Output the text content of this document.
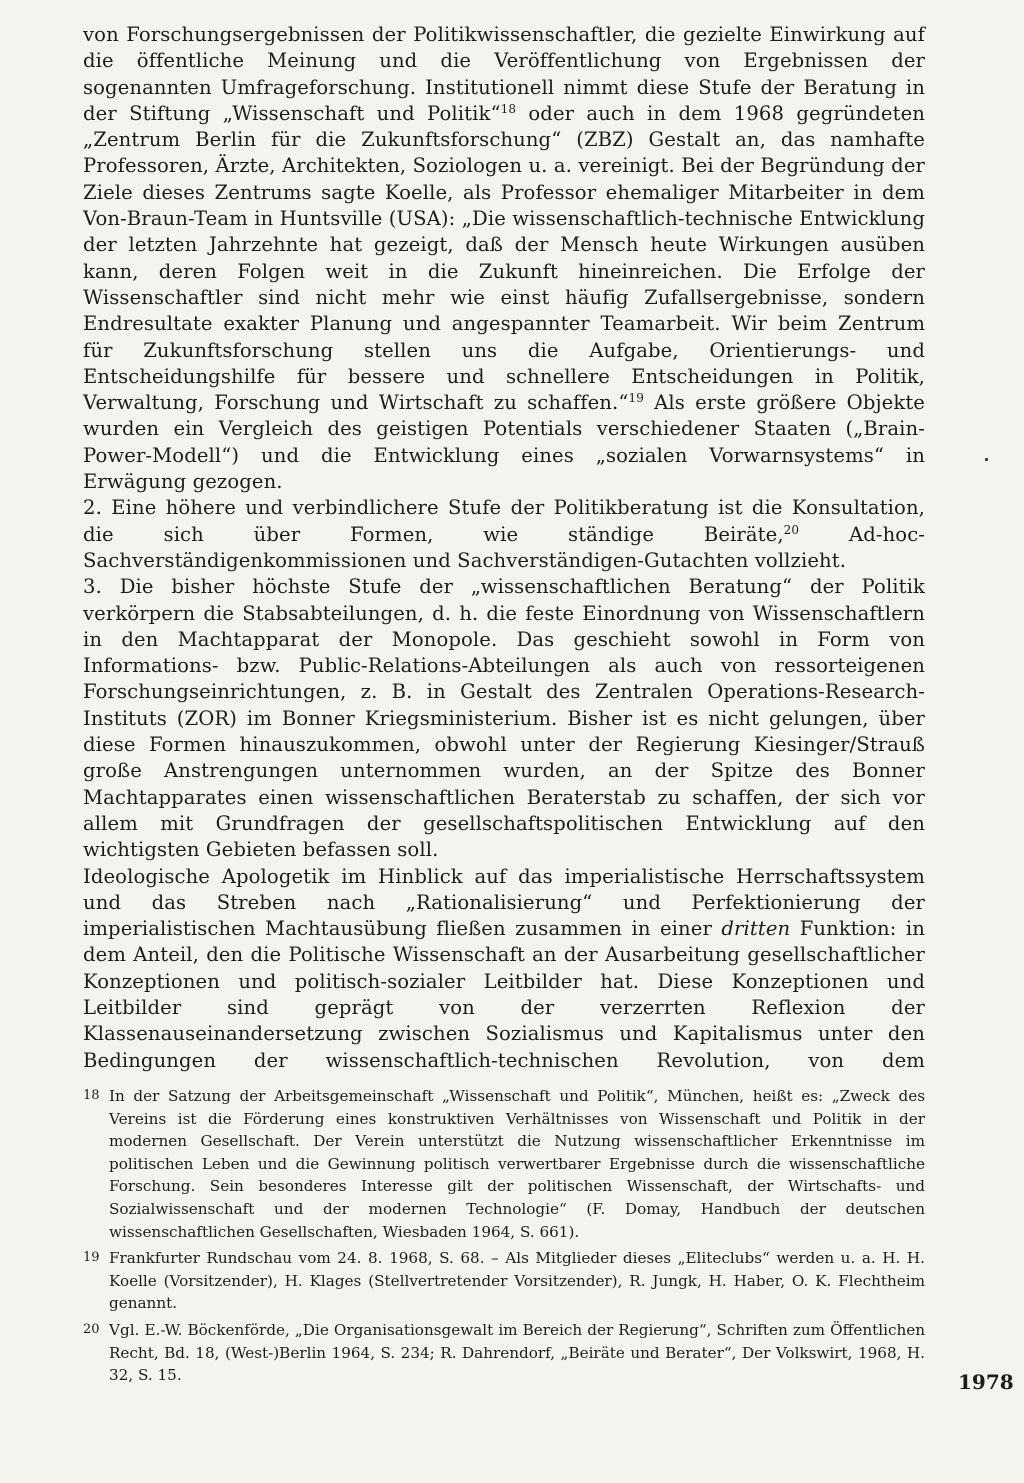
von Forschungsergebnissen der Politikwissenschaftler, die gezielte Einwirkung auf die öffentliche Meinung und die Veröffentlichung von Ergebnissen der sogenannten Umfrageforschung. Institutionell nimmt diese Stufe der Beratung in der Stiftung „Wissenschaft und Politik“$^{18}$ oder auch in dem 1968 gegründeten „Zentrum Berlin für die Zukunftsforschung“ (ZBZ) Gestalt an, das namhafte Professoren, Ärzte, Architekten, Soziologen u. a. vereinigt. Bei der Begründung der Ziele dieses Zentrums sagte Koelle, als Professor ehemaliger Mitarbeiter in dem Von-Braun-Team in Huntsville (USA): „Die wissenschaftlich-technische Entwicklung der letzten Jahrzehnte hat gezeigt, daß der Mensch heute Wirkungen ausüben kann, deren Folgen weit in die Zukunft hineinreichen. Die Erfolge der Wissenschaftler sind nicht mehr wie einst häufig Zufallsergebnisse, sondern Endresultate exakter Planung und angespannter Teamarbeit. Wir beim Zentrum für Zukunftsforschung stellen uns die Aufgabe, Orientierungs- und Entscheidungshilfe für bessere und schnellere Entscheidungen in Politik, Verwaltung, Forschung und Wirtschaft zu schaffen.“$^{19}$ Als erste größere Objekte wurden ein Vergleich des geistigen Potentials verschiedener Staaten („Brain-Power-Modell“) und die Entwicklung eines „sozialen Vorwarnsystems“ in Erwägung gezogen.

2. Eine höhere und verbindlichere Stufe der Politikberatung ist die Konsultation, die sich über Formen, wie ständige Beiräte,$^{20}$ Ad-hoc-Sachverständigenkommissionen und Sachverständigen-Gutachten vollzieht.

3. Die bisher höchste Stufe der „wissenschaftlichen Beratung“ der Politik verkörpern die Stabsabteilungen, d. h. die feste Einordnung von Wissenschaftlern in den Machtapparat der Monopole. Das geschieht sowohl in Form von Informations- bzw. Public-Relations-Abteilungen als auch von ressorteigenen Forschungseinrichtungen, z. B. in Gestalt des Zentralen Operations-Research-Instituts (ZOR) im Bonner Kriegsministerium. Bisher ist es nicht gelungen, über diese Formen hinauszukommen, obwohl unter der Regierung Kiesinger/Strauß große Anstrengungen unternommen wurden, an der Spitze des Bonner Machtapparates einen wissenschaftlichen Beraterstab zu schaffen, der sich vor allem mit Grundfragen der gesellschaftspolitischen Entwicklung auf den wichtigsten Gebieten befassen soll.

Ideologische Apologetik im Hinblick auf das imperialistische Herrschaftssystem und das Streben nach „Rationalisierung“ und Perfektionierung der imperialistischen Machtausübung fließen zusammen in einer dritten Funktion: in dem Anteil, den die Politische Wissenschaft an der Ausarbeitung gesellschaftlicher Konzeptionen und politisch-sozialer Leitbilder hat. Diese Konzeptionen und Leitbilder sind geprägt von der verzerrten Reflexion der Klassenauseinandersetzung zwischen Sozialismus und Kapitalismus unter den Bedingungen der wissenschaftlich-technischen Revolution, von dem

18 In der Satzung der Arbeitsgemeinschaft „Wissenschaft und Politik“, München, heißt es: „Zweck des Vereins ist die Förderung eines konstruktiven Verhältnisses von Wissenschaft und Politik in der modernen Gesellschaft. Der Verein unterstützt die Nutzung wissenschaftlicher Erkenntnisse im politischen Leben und die Gewinnung politisch verwertbarer Ergebnisse durch die wissenschaftliche Forschung. Sein besonderes Interesse gilt der politischen Wissenschaft, der Wirtschafts- und Sozialwissenschaft und der modernen Technologie“ (F. Domay, Handbuch der deutschen wissenschaftlichen Gesellschaften, Wiesbaden 1964, S. 661).
19 Frankfurter Rundschau vom 24. 8. 1968, S. 68. – Als Mitglieder dieses „Eliteclubs“ werden u. a. H. H. Koelle (Vorsitzender), H. Klages (Stellvertretender Vorsitzender), R. Jungk, H. Haber, O. K. Flechtheim genannt.
20 Vgl. E.-W. Böckenförde, „Die Organisationsgewalt im Bereich der Regierung“, Schriften zum Öffentlichen Recht, Bd. 18, (West-)Berlin 1964, S. 234; R. Dahrendorf, „Beiräte und Berater“, Der Volkswirt, 1968, H. 32, S. 15.	1978
